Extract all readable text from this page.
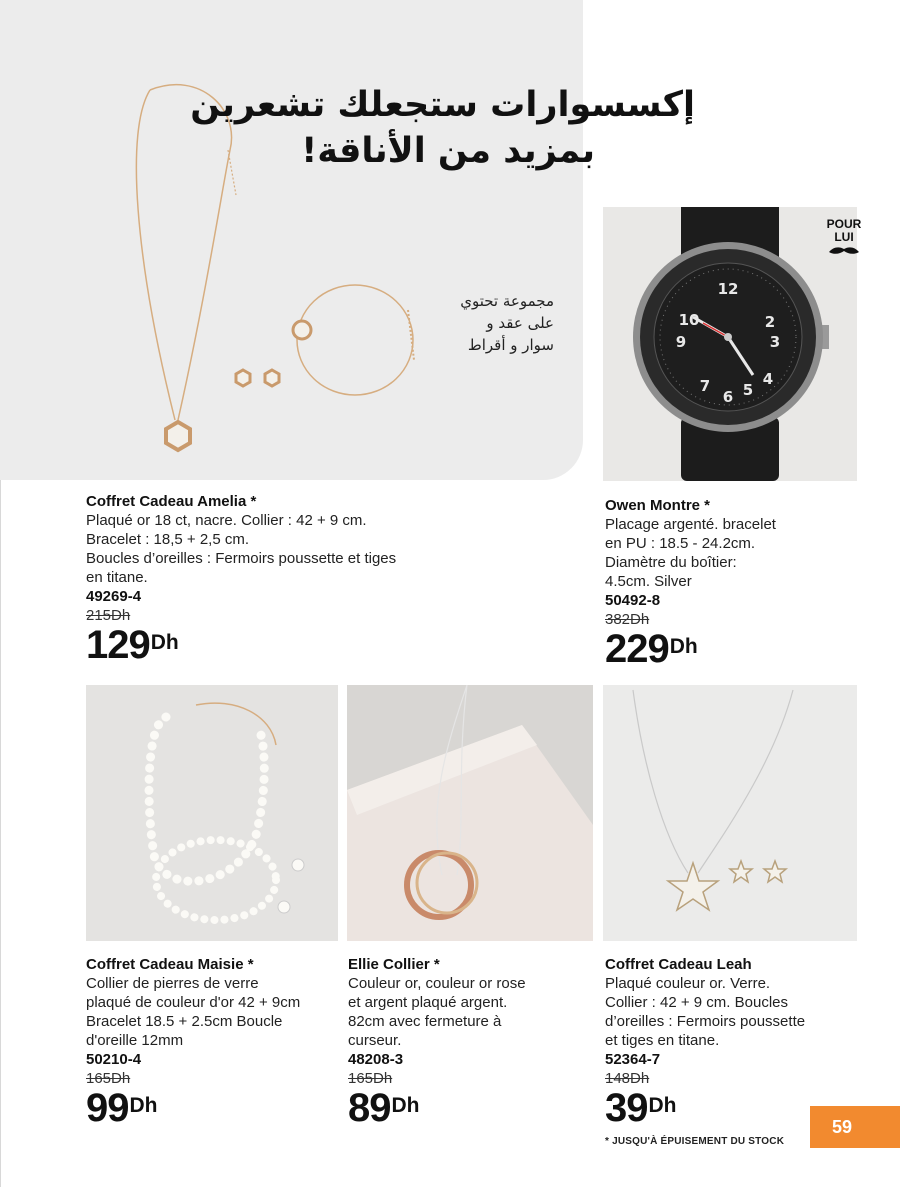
إكسسوارات ستجعلك تشعرين
بمزيد من الأناقة!
مجموعة تحتوي
على عقد و
سوار و أقراط
12
2
3
4
5
6
7
9
10
POUR
LUI
Coffret Cadeau Amelia *
Plaqué or 18 ct, nacre. Collier : 42 + 9 cm.
Bracelet : 18,5 + 2,5 cm.
Boucles d’oreilles : Fermoirs poussette et tiges
en titane.
49269-4
215Dh
$129^{Dh}$
Owen Montre *
Placage argenté. bracelet
en PU : 18.5 - 24.2cm.
Diamètre du boîtier:
4.5cm. Silver
50492-8
382Dh
$229^{Dh}$
Coffret Cadeau Maisie *
Collier de pierres de verre
plaqué de couleur d'or 42 + 9cm
Bracelet 18.5 + 2.5cm Boucle
d'oreille 12mm
50210-4
165Dh
$99^{Dh}$
Ellie Collier *
Couleur or, couleur or rose
et argent plaqué argent.
82cm avec fermeture à
curseur.
48208-3
165Dh
$89^{Dh}$
Coffret Cadeau Leah
Plaqué couleur or. Verre.
Collier : 42 + 9 cm. Boucles
d’oreilles : Fermoirs poussette
et tiges en titane.
52364-7
148Dh
$39^{Dh}$
59
* JUSQU'À ÉPUISEMENT DU STOCK
